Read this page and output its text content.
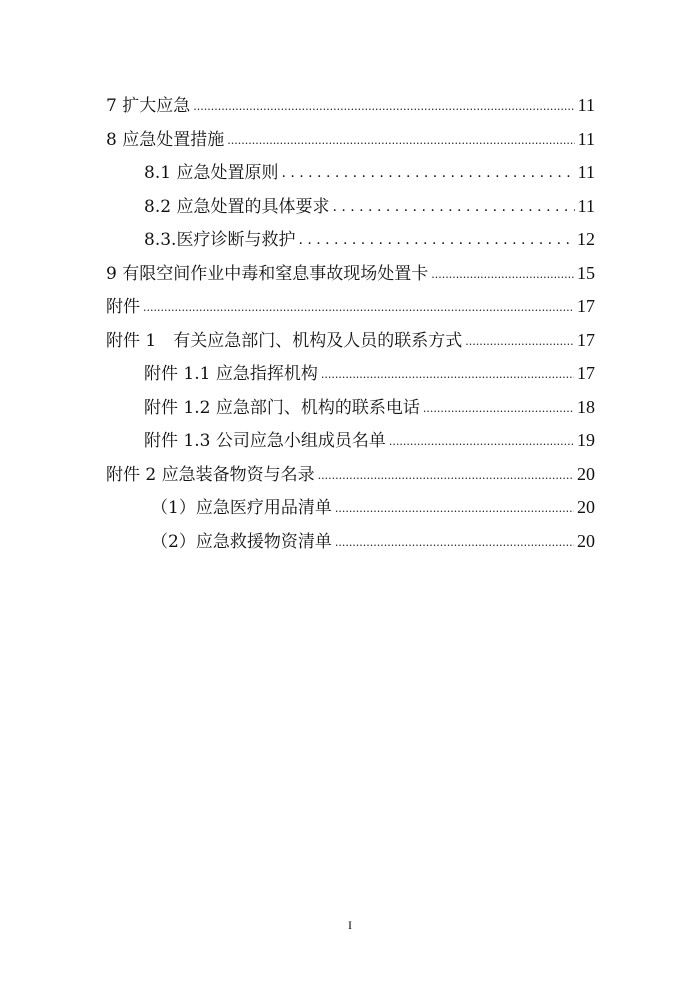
7 扩大应急 .....	11
8 应急处置措施 .....	11
8.1 应急处置原则 . . .	11
8.2 应急处置的具体要求 . . .	11
8.3.医疗诊断与救护 . . .	12
9 有限空间作业中毒和窒息事故现场处置卡 .....	15
附件 .....	17
附件 1　有关应急部门、机构及人员的联系方式 .....	17
附件 1.1 应急指挥机构 .....	17
附件 1.2 应急部门、机构的联系电话 .....	18
附件 1.3 公司应急小组成员名单 .....	19
附件 2 应急装备物资与名录 .....	20
（1）应急医疗用品清单 .....	20
（2）应急救援物资清单 .....	20
I
